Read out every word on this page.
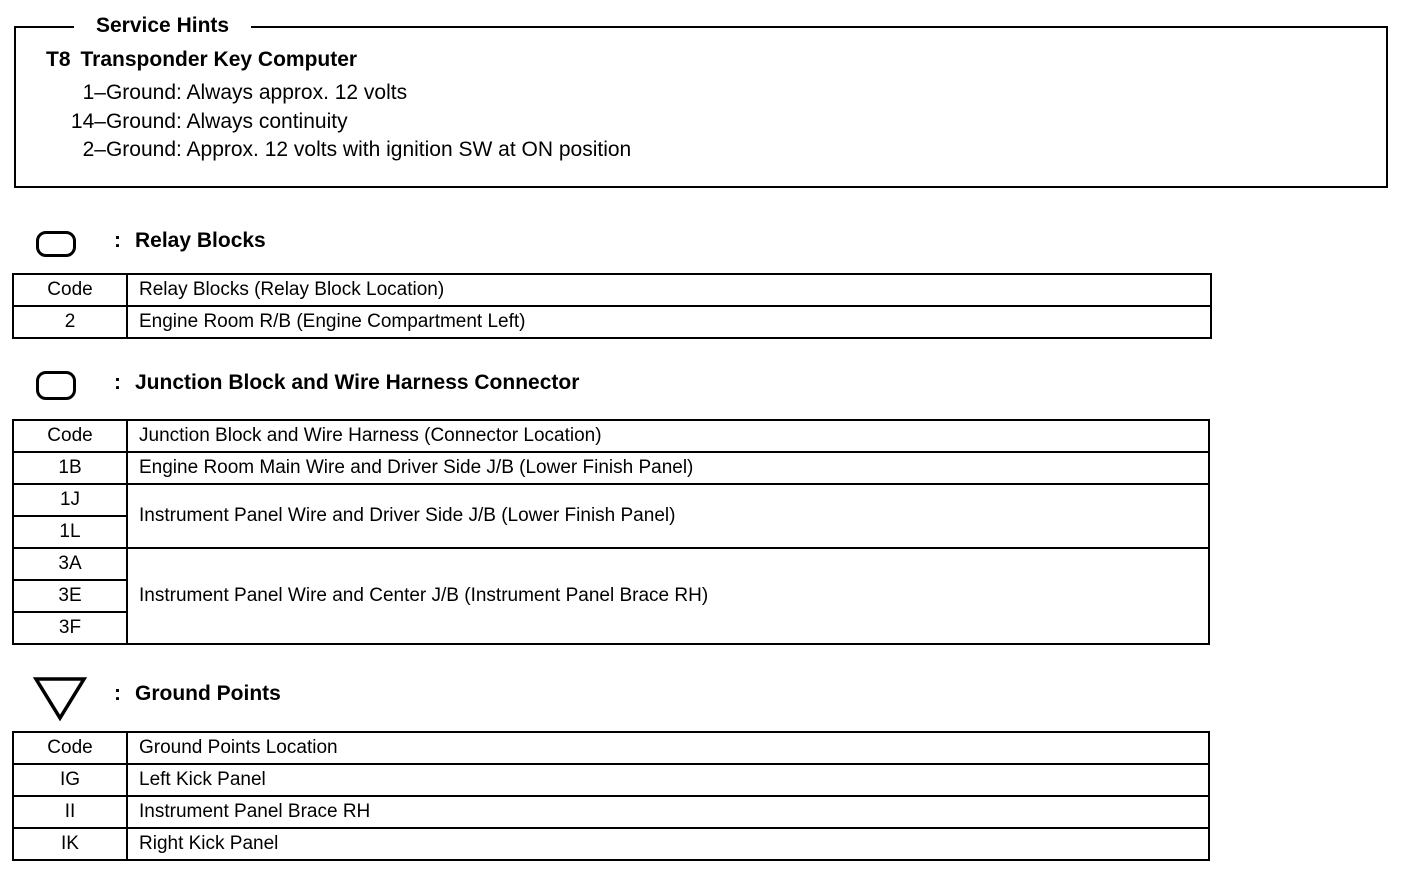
Service Hints
T8 Transponder Key Computer
1–Ground: Always approx. 12 volts
14–Ground: Always continuity
2–Ground: Approx. 12 volts with ignition SW at ON position
: Relay Blocks
Code	Relay Blocks (Relay Block Location)
2	Engine Room R/B (Engine Compartment Left)
: Junction Block and Wire Harness Connector
Code	Junction Block and Wire Harness (Connector Location)
1B	Engine Room Main Wire and Driver Side J/B (Lower Finish Panel)
1J	Instrument Panel Wire and Driver Side J/B (Lower Finish Panel)
1L	
3A	Instrument Panel Wire and Center J/B (Instrument Panel Brace RH)
3E	
3F	
: Ground Points
Code	Ground Points Location
IG	Left Kick Panel
II	Instrument Panel Brace RH
IK	Right Kick Panel
